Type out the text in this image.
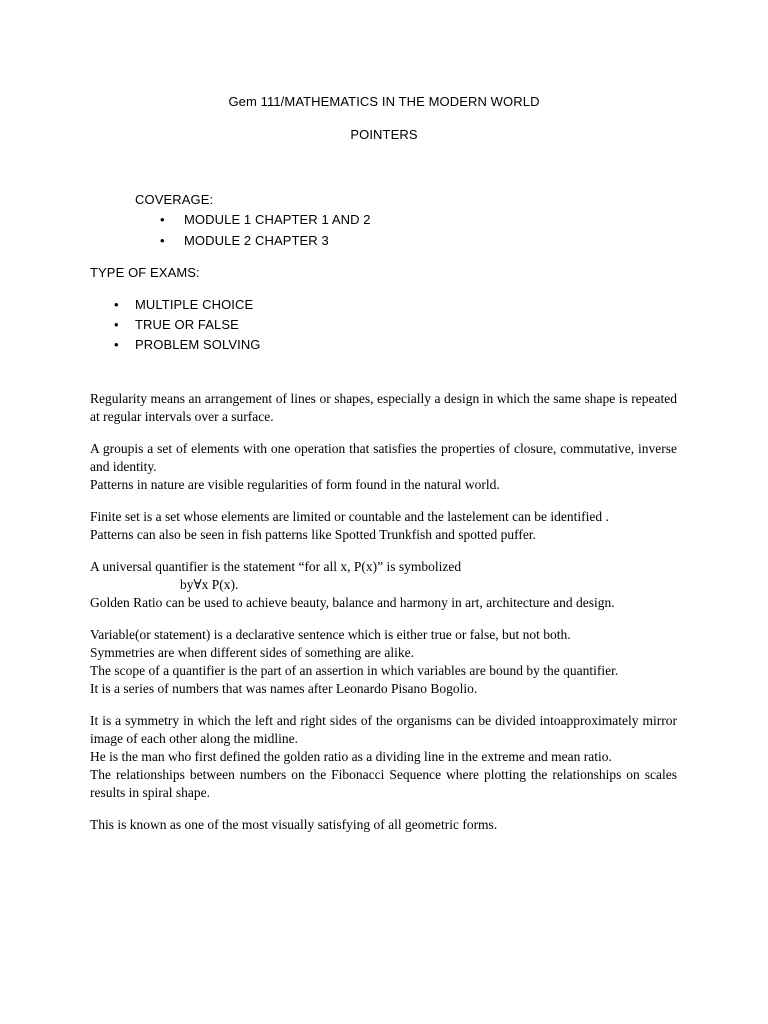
Gem 111/MATHEMATICS IN THE MODERN WORLD
POINTERS
COVERAGE:
• MODULE 1 CHAPTER 1 AND 2
• MODULE 2 CHAPTER 3
TYPE OF EXAMS:
• MULTIPLE CHOICE
• TRUE OR FALSE
• PROBLEM SOLVING

Regularity means an arrangement of lines or shapes, especially a design in which the same shape is repeated at regular intervals over a surface.

A groupis a set of elements with one operation that satisfies the properties of closure, commutative, inverse and identity.

Patterns in nature are visible regularities of form found in the natural world.

Finite set is a set whose elements are limited or countable and the lastelement can be identified .

Patterns can also be seen in fish patterns like Spotted Trunkfish and spotted puffer.

A universal quantifier is the statement “for all x, P(x)” is symbolized

by∀x P(x).

Golden Ratio can be used to achieve beauty, balance and harmony in art, architecture and design.

Variable(or statement) is a declarative sentence which is either true or false, but not both.

Symmetries are when different sides of something are alike.

The scope of a quantifier is the part of an assertion in which variables are bound by the quantifier.

It is a series of numbers that was names after Leonardo Pisano Bogolio.

It is a symmetry in which the left and right sides of the organisms can be divided intoapproximately mirror image of each other along the midline.

He is the man who first defined the golden ratio as a dividing line in the extreme and mean ratio.

The relationships between numbers on the Fibonacci Sequence where plotting the relationships on scales results in spiral shape.

This is known as one of the most visually satisfying of all geometric forms.
